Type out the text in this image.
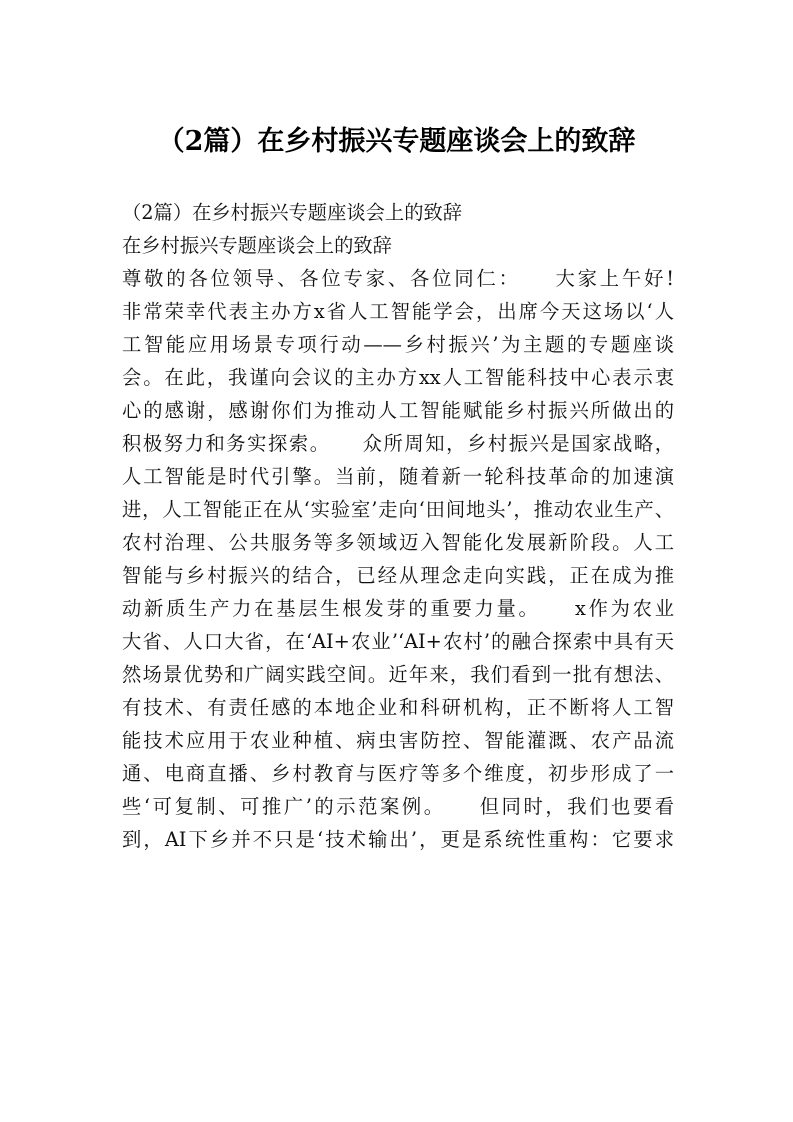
（2篇）在乡村振兴专题座谈会上的致辞
（2篇）在乡村振兴专题座谈会上的致辞
在乡村振兴专题座谈会上的致辞
尊敬的各位领导、各位专家、各位同仁：　　大家上午好!
非常荣幸代表主办方x省人工智能学会，出席今天这场以‘人
工智能应用场景专项行动——乡村振兴’为主题的专题座谈
会。在此，我谨向会议的主办方xx人工智能科技中心表示衷
心的感谢，感谢你们为推动人工智能赋能乡村振兴所做出的
积极努力和务实探索。　　众所周知，乡村振兴是国家战略，
人工智能是时代引擎。当前，随着新一轮科技革命的加速演
进，人工智能正在从‘实验室’走向‘田间地头’，推动农业生产、
农村治理、公共服务等多领域迈入智能化发展新阶段。人工
智能与乡村振兴的结合，已经从理念走向实践，正在成为推
动新质生产力在基层生根发芽的重要力量。　　x作为农业
大省、人口大省，在‘AI+农业’‘AI+农村’的融合探索中具有天
然场景优势和广阔实践空间。近年来，我们看到一批有想法、
有技术、有责任感的本地企业和科研机构，正不断将人工智
能技术应用于农业种植、病虫害防控、智能灌溉、农产品流
通、电商直播、乡村教育与医疗等多个维度，初步形成了一
些‘可复制、可推广’的示范案例。　　但同时，我们也要看
到，AI下乡并不只是‘技术输出’，更是系统性重构：它要求
